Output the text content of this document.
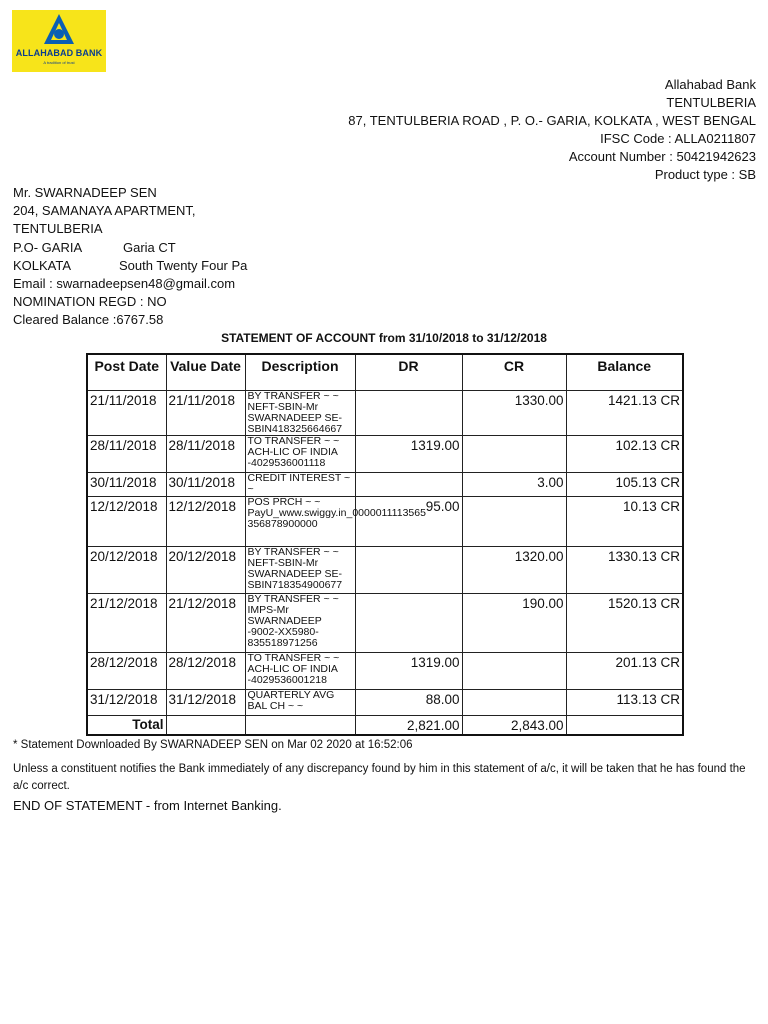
ALLAHABAD BANK
A tradition of trust
Allahabad Bank
TENTULBERIA
87, TENTULBERIA ROAD , P. O.- GARIA, KOLKATA , WEST BENGAL
IFSC Code : ALLA0211807
Account Number : 50421942623
Product type : SB
Mr. SWARNADEEP SEN
204, SAMANAYA APARTMENT,
TENTULBERIA
P.O- GARIA	Garia CT
KOLKATA	South Twenty Four Pa
Email : swarnadeepsen48@gmail.com
NOMINATION REGD : NO
Cleared Balance :6767.58
STATEMENT OF ACCOUNT from 31/10/2018 to 31/12/2018
Post Date	Value Date	Description	DR	CR	Balance
21/11/2018	21/11/2018	BY TRANSFER ~ ~ NEFT-SBIN-Mr SWARNADEEP SE-SBIN418325664667		1330.00	1421.13 CR
28/11/2018	28/11/2018	TO TRANSFER ~ ~ ACH-LIC OF INDIA -4029536001118	1319.00		102.13 CR
30/11/2018	30/11/2018	CREDIT INTEREST ~ ~		3.00	105.13 CR
12/12/2018	12/12/2018	POS PRCH ~ ~ PayU_www.swiggy.in_0000011113565 356878900000	95.00		10.13 CR
20/12/2018	20/12/2018	BY TRANSFER ~ ~ NEFT-SBIN-Mr SWARNADEEP SE-SBIN718354900677		1320.00	1330.13 CR
21/12/2018	21/12/2018	BY TRANSFER ~ ~ IMPS-Mr SWARNADEEP -9002-XX5980-835518971256		190.00	1520.13 CR
28/12/2018	28/12/2018	TO TRANSFER ~ ~ ACH-LIC OF INDIA -4029536001218	1319.00		201.13 CR
31/12/2018	31/12/2018	QUARTERLY AVG BAL CH ~ ~	88.00		113.13 CR
Total			2,821.00	2,843.00	
* Statement Downloaded By SWARNADEEP SEN on Mar 02 2020 at 16:52:06
Unless a constituent notifies the Bank immediately of any discrepancy found by him in this statement of a/c, it will be taken that he has found the a/c correct.
END OF STATEMENT - from Internet Banking.
